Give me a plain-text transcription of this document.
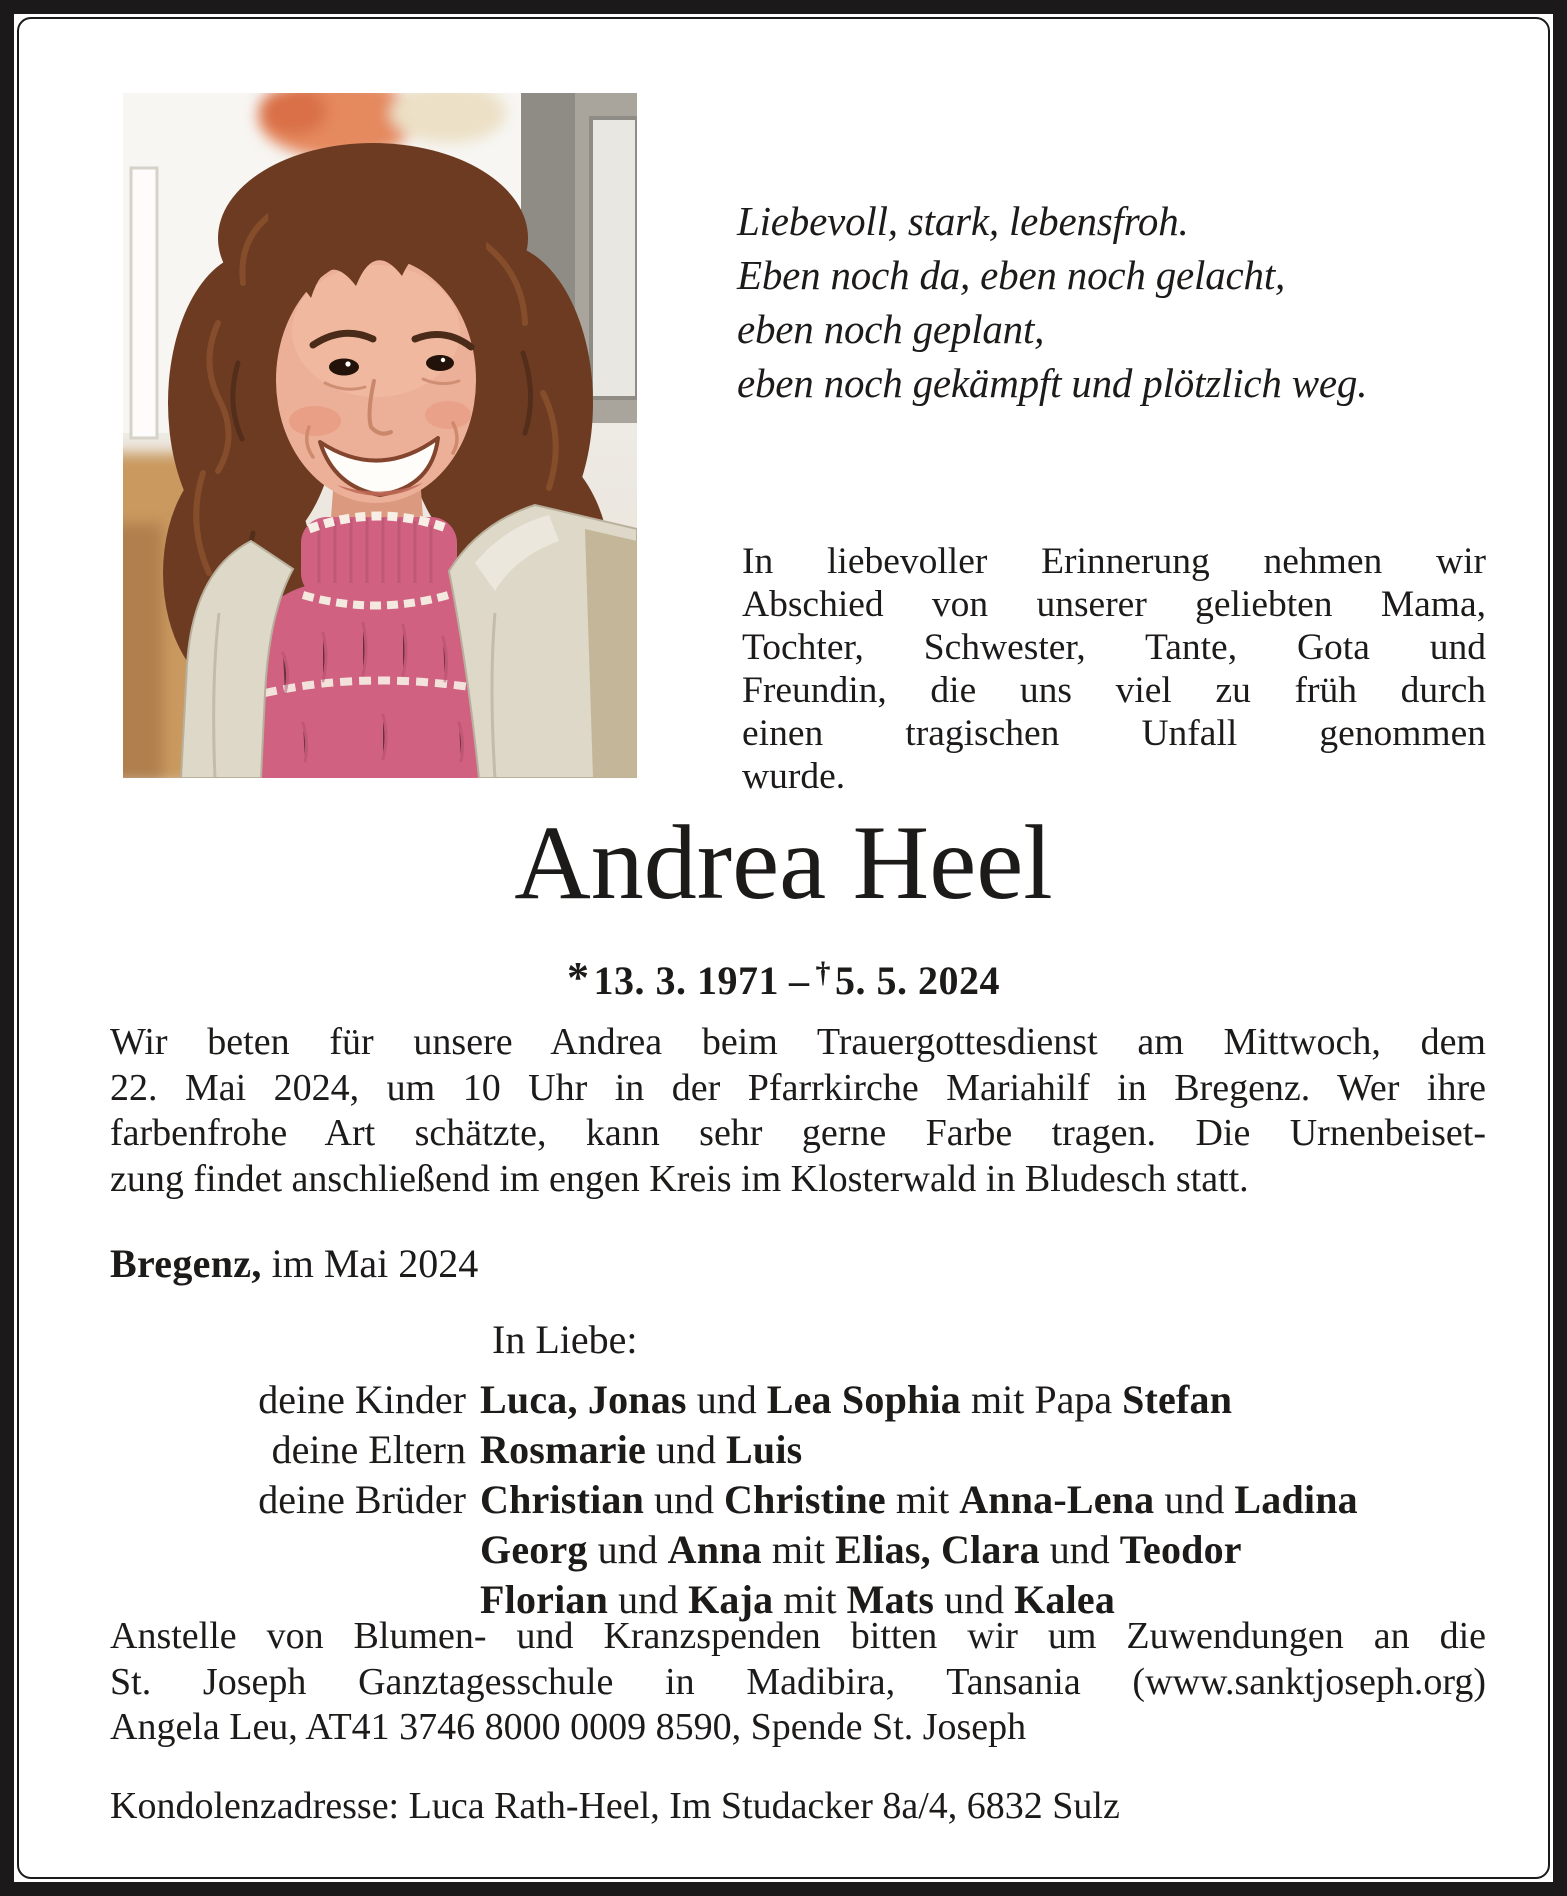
Liebevoll, stark, lebensfroh.
Eben noch da, eben noch gelacht,
eben noch geplant,
eben noch gekämpft und plötzlich weg.
In liebevoller Erinnerung nehmen wir
Abschied von unserer geliebten Mama,
Tochter, Schwester, Tante, Gota und
Freundin, die uns viel zu früh durch
einen tragischen Unfall genommen
wurde.
Andrea Heel
* 13. 3. 1971 – † 5. 5. 2024
Wir beten für unsere Andrea beim Trauergottesdienst am Mittwoch, dem
22. Mai 2024, um 10 Uhr in der Pfarrkirche Mariahilf in Bregenz. Wer ihre
farbenfrohe Art schätzte, kann sehr gerne Farbe tragen. Die Urnenbeiset-
zung findet anschließend im engen Kreis im Klosterwald in Bludesch statt.
Bregenz, im Mai 2024
In Liebe:
deine Kinder Luca, Jonas und Lea Sophia mit Papa Stefan
deine Eltern Rosmarie und Luis
deine Brüder Christian und Christine mit Anna-Lena und Ladina
Georg und Anna mit Elias, Clara und Teodor
Florian und Kaja mit Mats und Kalea
Anstelle von Blumen- und Kranzspenden bitten wir um Zuwendungen an die
St. Joseph Ganztagesschule in Madibira, Tansania (www.sanktjoseph.org)
Angela Leu, AT41 3746 8000 0009 8590, Spende St. Joseph
Kondolenzadresse: Luca Rath-Heel, Im Studacker 8a/4, 6832 Sulz
